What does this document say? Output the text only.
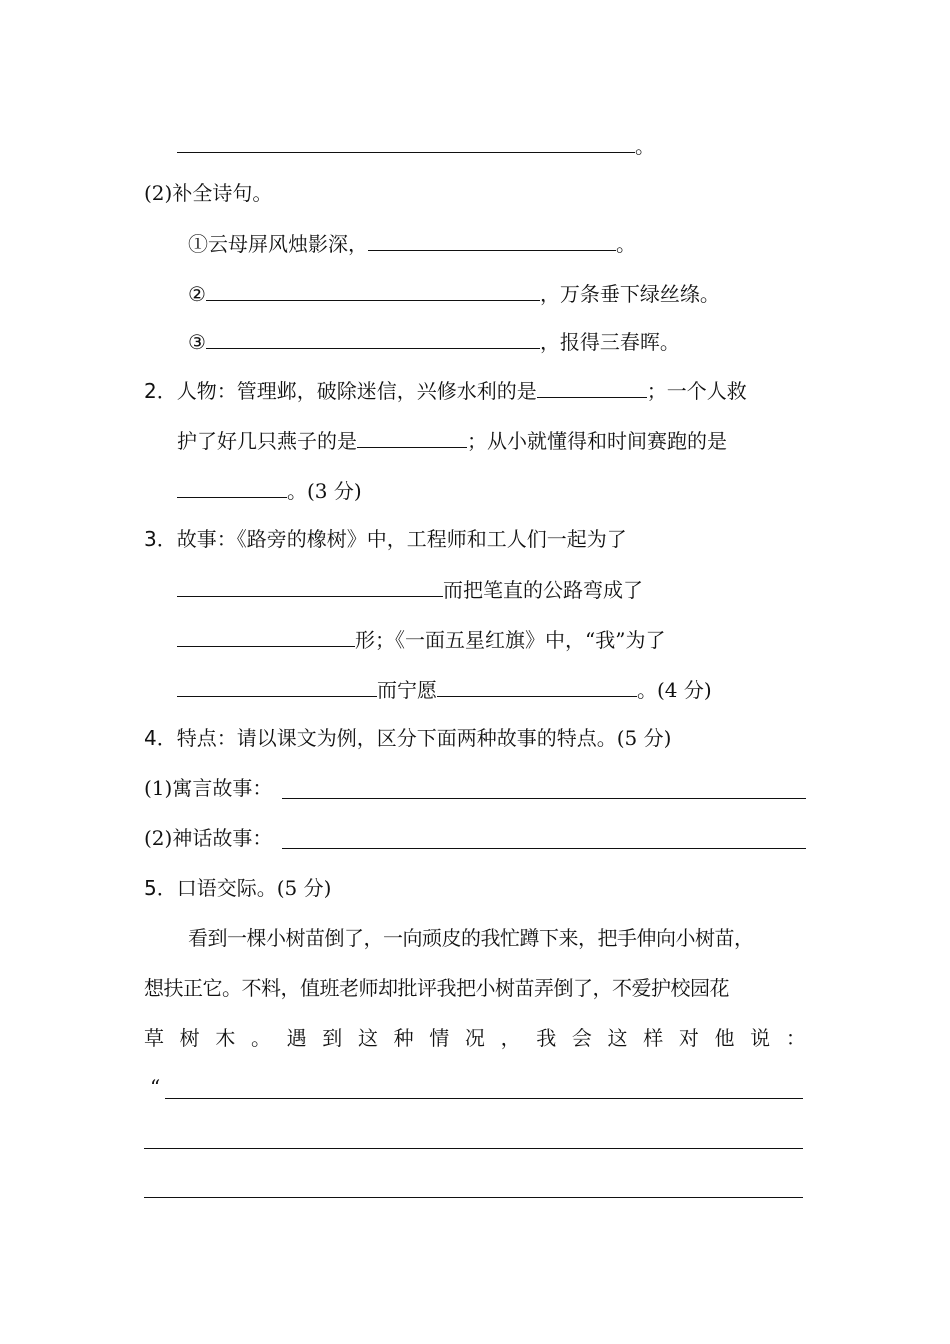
。
(2)补全诗句。
①云母屏风烛影深，	。
②	，万条垂下绿丝绦。
③	，报得三春晖。
2．人物：管理邺，破除迷信，兴修水利的是	；一个人救
护了好几只燕子的是	；从小就懂得和时间赛跑的是
。(3 分)
3．故事：《路旁的橡树》中，工程师和工人们一起为了
而把笔直的公路弯成了
形；《一面五星红旗》中，“我”为了
而宁愿	。(4 分)
4．特点：请以课文为例，区分下面两种故事的特点。(5 分)
(1)寓言故事：
(2)神话故事：
5．口语交际。(5 分)
看到一棵小树苗倒了，一向顽皮的我忙蹲下来，把手伸向小树苗，
想扶正它。不料，值班老师却批评我把小树苗弄倒了，不爱护校园花
草 树 木 。 遇 到 这 种 情 况 ， 我 会 这 样 对 他 说 ：
“
